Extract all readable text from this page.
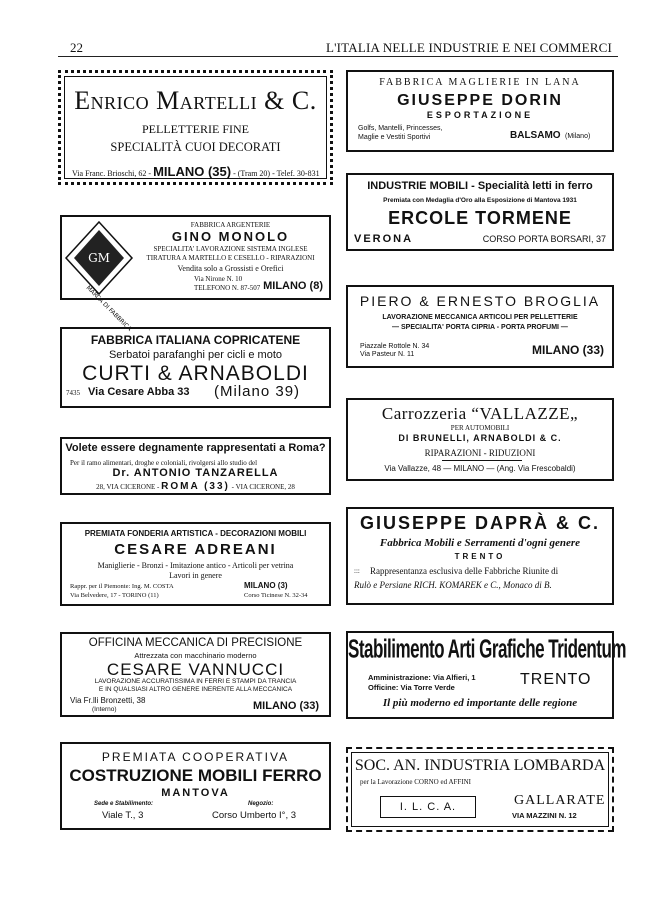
22	L'ITALIA NELLE INDUSTRIE E NEI COMMERCI
Enrico Martelli & C.
PELLETTERIE FINE
SPECIALITÀ CUOI DECORATI
Via Franc. Brioschi, 62 - MILANO (35) - (Tram 20) - Telef. 30-831
GM
MARCA DI FABBRICA
FABBRICA ARGENTERIE
GINO MONOLO
SPECIALITA' LAVORAZIONE SISTEMA INGLESE
TIRATURA A MARTELLO E CESELLO - RIPARAZIONI
Vendita solo a Grossisti e Orefici
Via Nirone N. 10
TELEFONO N. 87-507 MILANO (8)
FABBRICA ITALIANA COPRICATENE
Serbatoi parafanghi per cicli e moto
CURTI & ARNABOLDI
7435 Via Cesare Abba 33	(Milano 39)
Volete essere degnamente rappresentati a Roma?
Per il ramo alimentari, droghe e coloniali, rivolgersi allo studio del
Dr. ANTONIO TANZARELLA
28, VIA CICERONE - ROMA (33) - VIA CICERONE, 28
PREMIATA FONDERIA ARTISTICA - DECORAZIONI MOBILI
CESARE ADREANI
Maniglierie - Bronzi - Imitazione antico - Articoli per vetrina
Lavori in genere
Rappr. per il Piemonte: Ing. M. COSTA
Via Belvedere, 17 - TORINO (11)
MILANO (3)
Corso Ticinese N. 32-34
OFFICINA MECCANICA DI PRECISIONE
Attrezzata con macchinario moderno
CESARE VANNUCCI
LAVORAZIONE ACCURATISSIMA IN FERRI E STAMPI DA TRANCIA
E IN QUALSIASI ALTRO GENERE INERENTE ALLA MECCANICA
Via Fr.lli Bronzetti, 38
(Interno)	MILANO (33)
PREMIATA COOPERATIVA
COSTRUZIONE MOBILI FERRO
MANTOVA
Sede e Stabilimento:
Viale T., 3
Negozio:
Corso Umberto I°, 3
FABBRICA MAGLIERIE IN LANA
GIUSEPPE DORIN
ESPORTAZIONE
Golfs, Mantelli, Princesses,
Maglie e Vestiti Sportivi	BALSAMO (Milano)
INDUSTRIE MOBILI - Specialità letti in ferro
Premiata con Medaglia d'Oro alla Esposizione di Mantova 1931
ERCOLE TORMENE
VERONA	CORSO PORTA BORSARI, 37
PIERO & ERNESTO BROGLIA
LAVORAZIONE MECCANICA ARTICOLI PER PELLETTERIE
— SPECIALITA' PORTA CIPRIA - PORTA PROFUMI —
Piazzale Rottole N. 34
Via Pasteur N. 11	MILANO (33)
Carrozzeria “VALLAZZE„
PER AUTOMOBILI
DI BRUNELLI, ARNABOLDI & C.
RIPARAZIONI - RIDUZIONI
Via Vallazze, 48 — MILANO — (Ang. Via Frescobaldi)
GIUSEPPE DAPRÀ & C.
Fabbrica Mobili e Serramenti d'ogni genere
TRENTO
:::	Rappresentanza esclusiva delle Fabbriche Riunite di
Rulò e Persiane RICH. KOMAREK e C., Monaco di B.
Stabilimento Arti Grafiche Tridentum
Amministrazione: Via Alfieri, 1
Officine: Via Torre Verde	TRENTO
Il più moderno ed importante delle regione
SOC. AN. INDUSTRIA LOMBARDA
per la Lavorazione CORNO ed AFFINI
I. L. C. A.	GALLARATE
VIA MAZZINI N. 12
